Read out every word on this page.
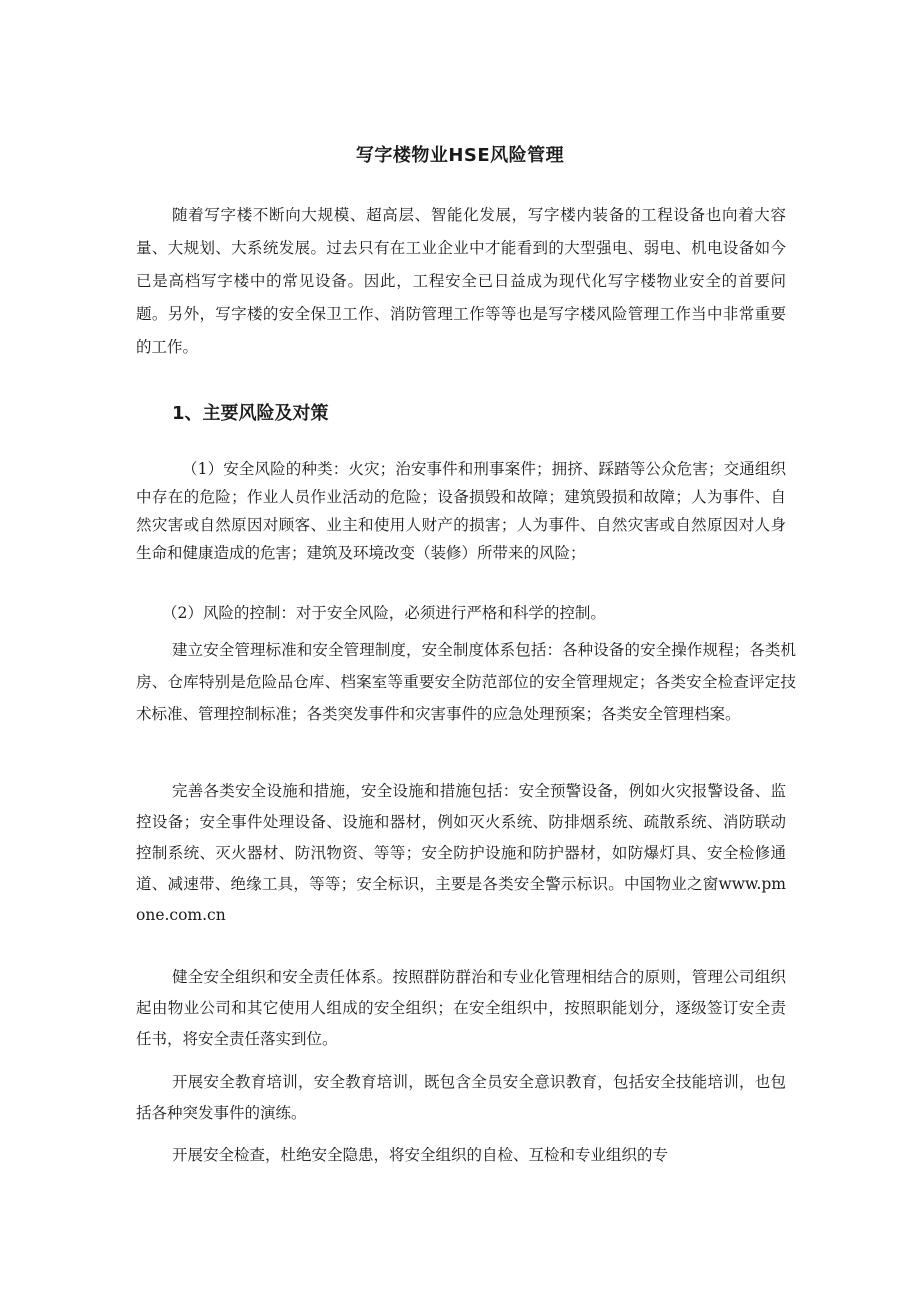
写字楼物业HSE风险管理

随着写字楼不断向大规模、超高层、智能化发展，写字楼内装备的工程设备也向着大容量、大规划、大系统发展。过去只有在工业企业中才能看到的大型强电、弱电、机电设备如今已是高档写字楼中的常见设备。因此，工程安全已日益成为现代化写字楼物业安全的首要问题。另外，写字楼的安全保卫工作、消防管理工作等等也是写字楼风险管理工作当中非常重要的工作。

1、主要风险及对策

（1）安全风险的种类：火灾；治安事件和刑事案件；拥挤、踩踏等公众危害；交通组织中存在的危险；作业人员作业活动的危险；设备损毁和故障；建筑毁损和故障；人为事件、自然灾害或自然原因对顾客、业主和使用人财产的损害；人为事件、自然灾害或自然原因对人身生命和健康造成的危害；建筑及环境改变（装修）所带来的风险；

（2）风险的控制：对于安全风险，必须进行严格和科学的控制。

建立安全管理标准和安全管理制度，安全制度体系包括：各种设备的安全操作规程；各类机房、仓库特别是危险品仓库、档案室等重要安全防范部位的安全管理规定；各类安全检查评定技术标准、管理控制标准；各类突发事件和灾害事件的应急处理预案；各类安全管理档案。

完善各类安全设施和措施，安全设施和措施包括：安全预警设备，例如火灾报警设备、监控设备；安全事件处理设备、设施和器材，例如灭火系统、防排烟系统、疏散系统、消防联动控制系统、灭火器材、防汛物资、等等；安全防护设施和防护器材，如防爆灯具、安全检修通道、减速带、绝缘工具，等等；安全标识，主要是各类安全警示标识。中国物业之窗www.pmone.com.cn

健全安全组织和安全责任体系。按照群防群治和专业化管理相结合的原则，管理公司组织起由物业公司和其它使用人组成的安全组织；在安全组织中，按照职能划分，逐级签订安全责任书，将安全责任落实到位。

开展安全教育培训，安全教育培训，既包含全员安全意识教育，包括安全技能培训，也包括各种突发事件的演练。

开展安全检查，杜绝安全隐患，将安全组织的自检、互检和专业组织的专
